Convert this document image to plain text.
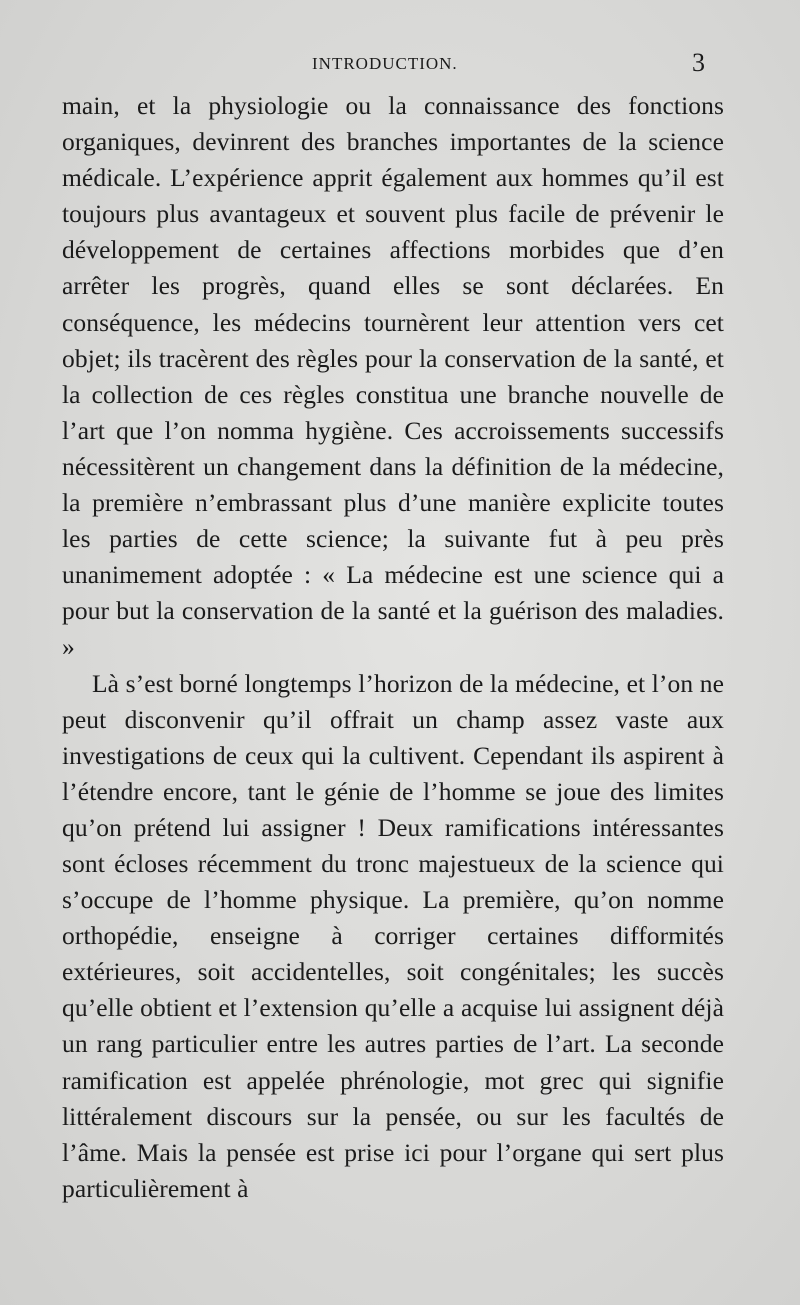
INTRODUCTION.	3

main, et la physiologie ou la connaissance des fonctions organiques, devinrent des branches importantes de la science médicale. L’expérience apprit également aux hommes qu’il est toujours plus avantageux et souvent plus facile de prévenir le développement de certaines affections morbides que d’en arrêter les progrès, quand elles se sont déclarées. En conséquence, les médecins tournèrent leur attention vers cet objet; ils tracèrent des règles pour la conservation de la santé, et la collection de ces règles constitua une branche nouvelle de l’art que l’on nomma hygiène. Ces accroissements successifs nécessitèrent un changement dans la définition de la médecine, la première n’embrassant plus d’une manière explicite toutes les parties de cette science; la suivante fut à peu près unanimement adoptée : « La médecine est une science qui a pour but la conservation de la santé et la guérison des maladies. »

Là s’est borné longtemps l’horizon de la médecine, et l’on ne peut disconvenir qu’il offrait un champ assez vaste aux investigations de ceux qui la cultivent. Cependant ils aspirent à l’étendre encore, tant le génie de l’homme se joue des limites qu’on prétend lui assigner ! Deux ramifications intéressantes sont écloses récemment du tronc majestueux de la science qui s’occupe de l’homme physique. La première, qu’on nomme orthopédie, enseigne à corriger certaines difformités extérieures, soit accidentelles, soit congénitales; les succès qu’elle obtient et l’extension qu’elle a acquise lui assignent déjà un rang particulier entre les autres parties de l’art. La seconde ramification est appelée phrénologie, mot grec qui signifie littéralement discours sur la pensée, ou sur les facultés de l’âme. Mais la pensée est prise ici pour l’organe qui sert plus particulièrement à
